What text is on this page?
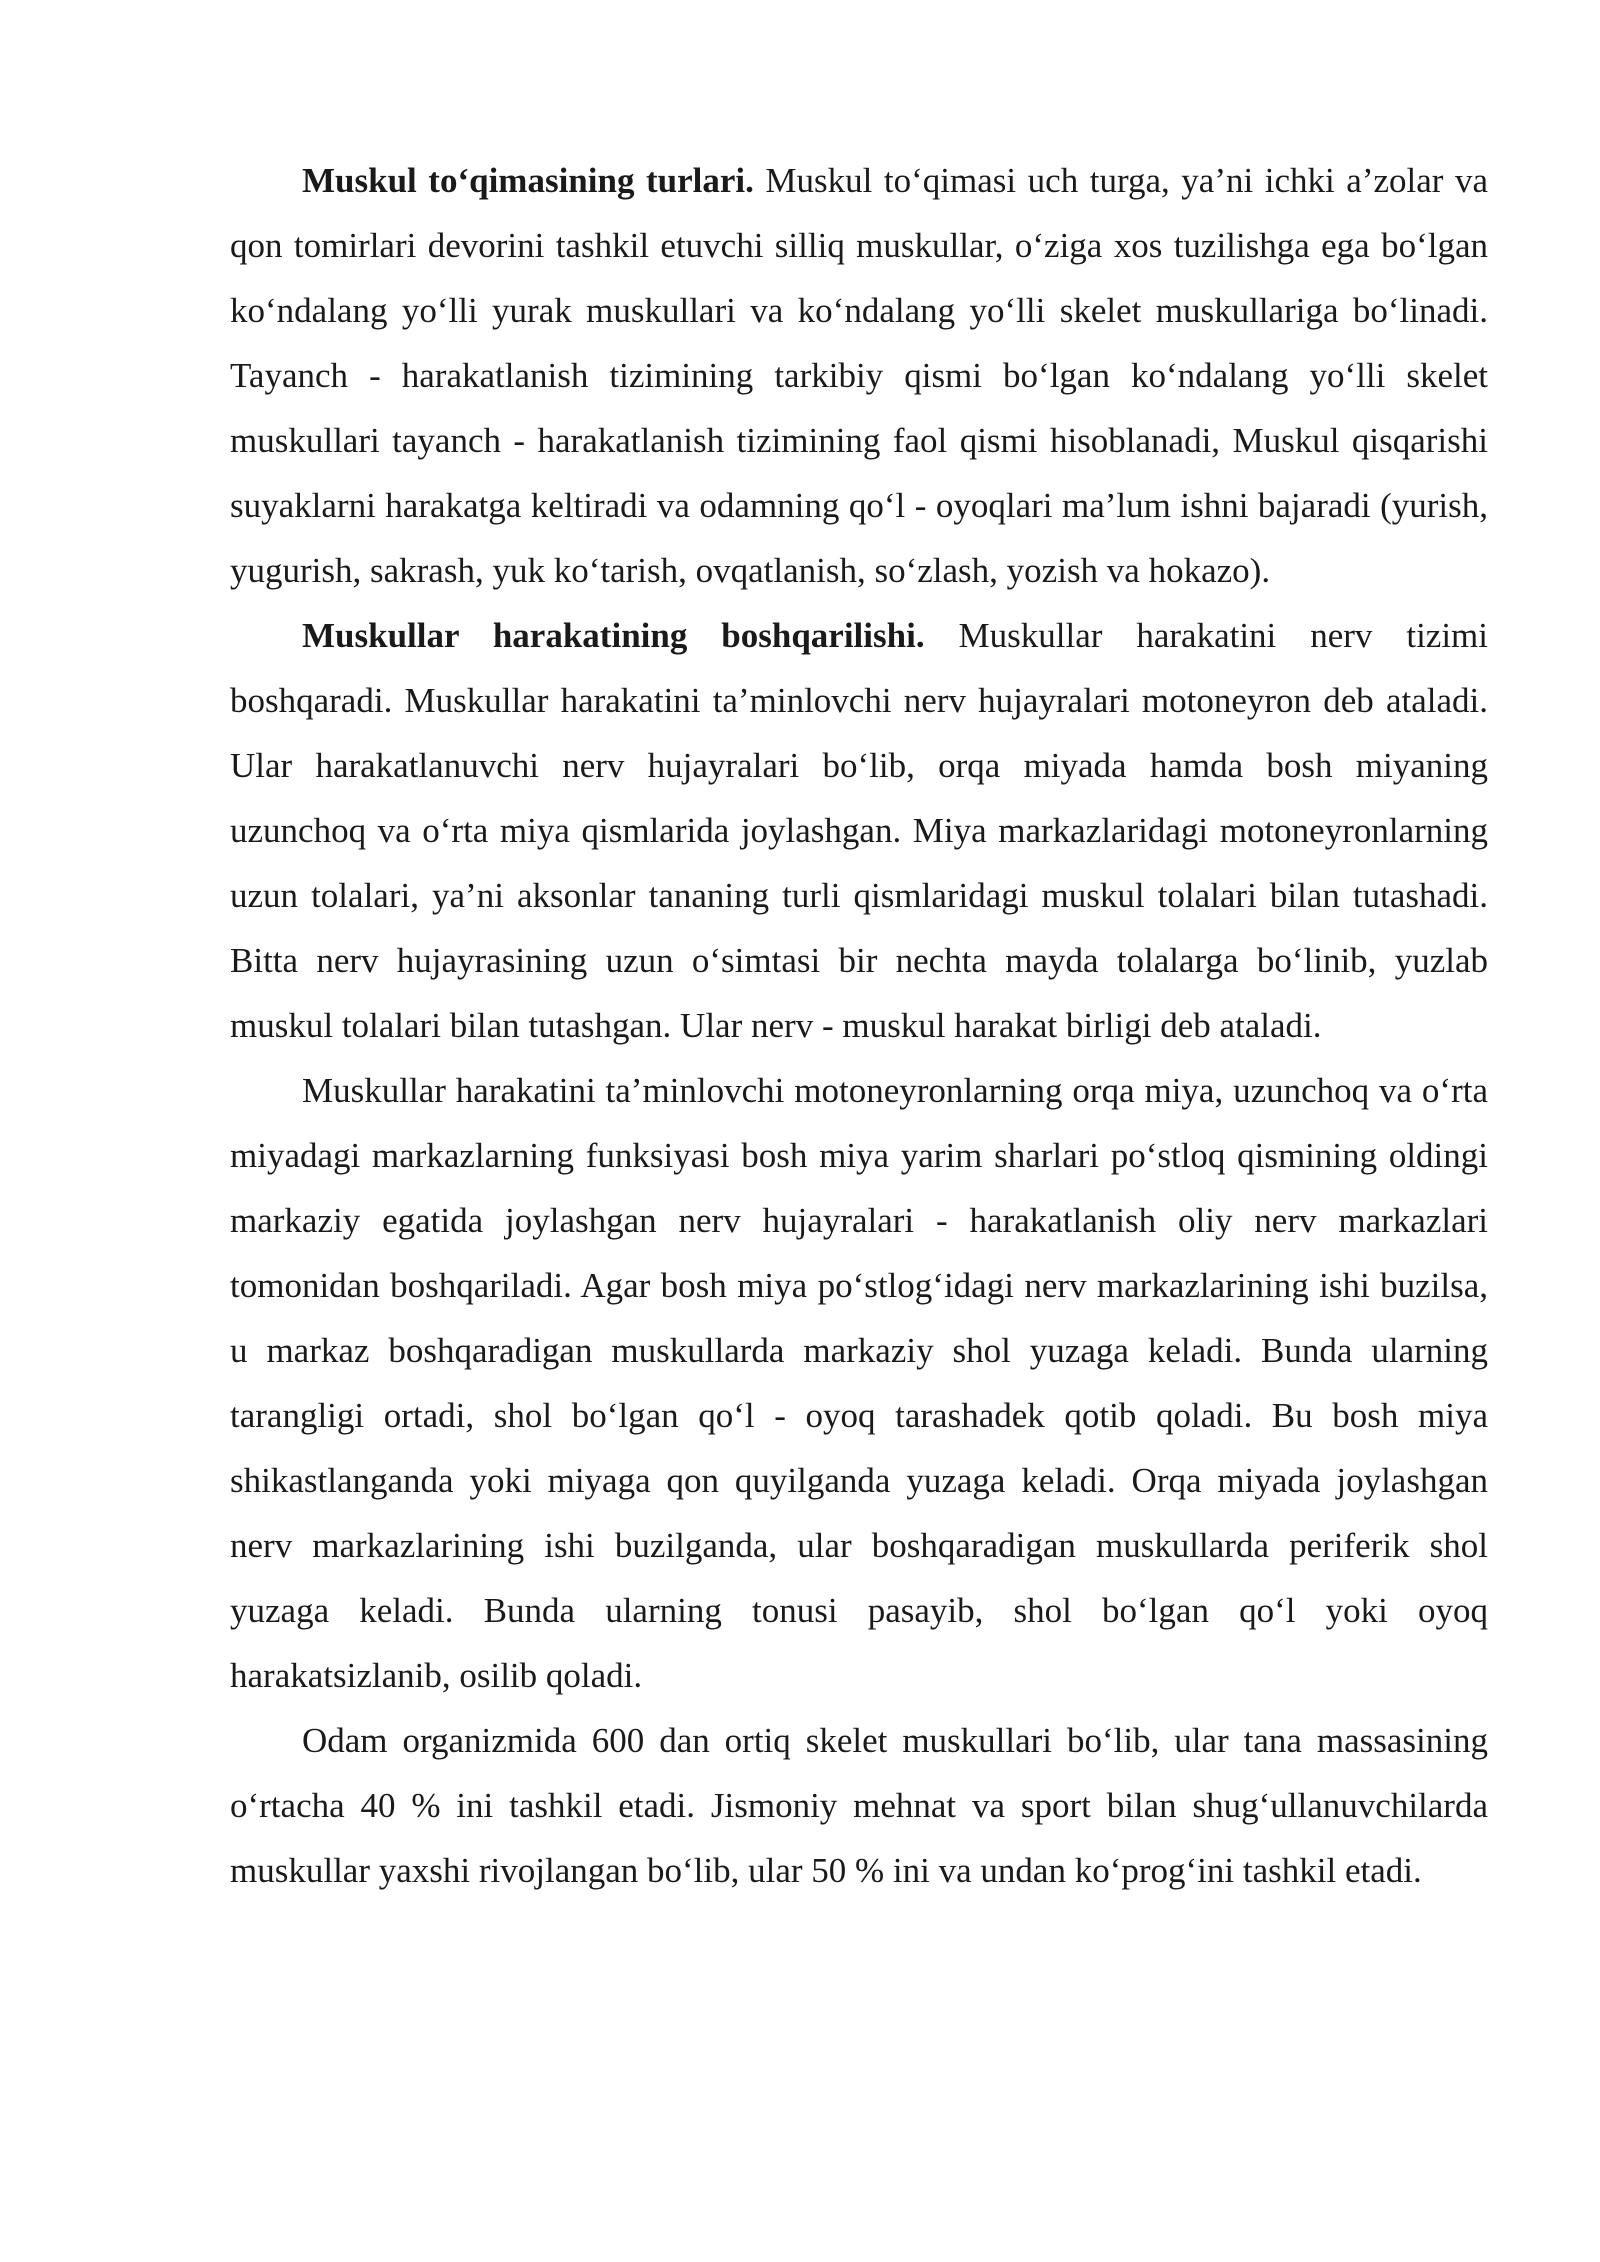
Muskul to‘qimasining turlari. Muskul to‘qimasi uch turga, ya’ni ichki a’zolar va qon tomirlari devorini tashkil etuvchi silliq muskullar, o‘ziga xos tuzilishga ega bo‘lgan ko‘ndalang yo‘lli yurak muskullari va ko‘ndalang yo‘lli skelet muskullariga bo‘linadi. Tayanch - harakatlanish tizimining tarkibiy qismi bo‘lgan ko‘ndalang yo‘lli skelet muskullari tayanch - harakatlanish tizimining faol qismi hisoblanadi, Muskul qisqarishi suyaklarni harakatga keltiradi va odamning qo‘l - oyoqlari ma’lum ishni bajaradi (yurish, yugurish, sakrash, yuk ko‘tarish, ovqatlanish, so‘zlash, yozish va hokazo).

Muskullar harakatining boshqarilishi. Muskullar harakatini nerv tizimi boshqaradi. Muskullar harakatini ta’minlovchi nerv hujayralari motoneyron deb ataladi. Ular harakatlanuvchi nerv hujayralari bo‘lib, orqa miyada hamda bosh miyaning uzunchoq va o‘rta miya qismlarida joylashgan. Miya markazlaridagi motoneyronlarning uzun tolalari, ya’ni aksonlar tananing turli qismlaridagi muskul tolalari bilan tutashadi. Bitta nerv hujayrasining uzun o‘simtasi bir nechta mayda tolalarga bo‘linib, yuzlab muskul tolalari bilan tutashgan. Ular nerv - muskul harakat birligi deb ataladi.

Muskullar harakatini ta’minlovchi motoneyronlarning orqa miya, uzunchoq va o‘rta miyadagi markazlarning funksiyasi bosh miya yarim sharlari po‘stloq qismining oldingi markaziy egatida joylashgan nerv hujayralari - harakatlanish oliy nerv markazlari tomonidan boshqariladi. Agar bosh miya po‘stlog‘idagi nerv markazlarining ishi buzilsa, u markaz boshqaradigan muskullarda markaziy shol yuzaga keladi. Bunda ularning tarangligi ortadi, shol bo‘lgan qo‘l - oyoq tarashadek qotib qoladi. Bu bosh miya shikastlanganda yoki miyaga qon quyilganda yuzaga keladi. Orqa miyada joylashgan nerv markazlarining ishi buzilganda, ular boshqaradigan muskullarda periferik shol yuzaga keladi. Bunda ularning tonusi pasayib, shol bo‘lgan qo‘l yoki oyoq harakatsizlanib, osilib qoladi.

Odam organizmida 600 dan ortiq skelet muskullari bo‘lib, ular tana massasining o‘rtacha 40 % ini tashkil etadi. Jismoniy mehnat va sport bilan shug‘ullanuvchilarda muskullar yaxshi rivojlangan bo‘lib, ular 50 % ini va undan ko‘prog‘ini tashkil etadi.
